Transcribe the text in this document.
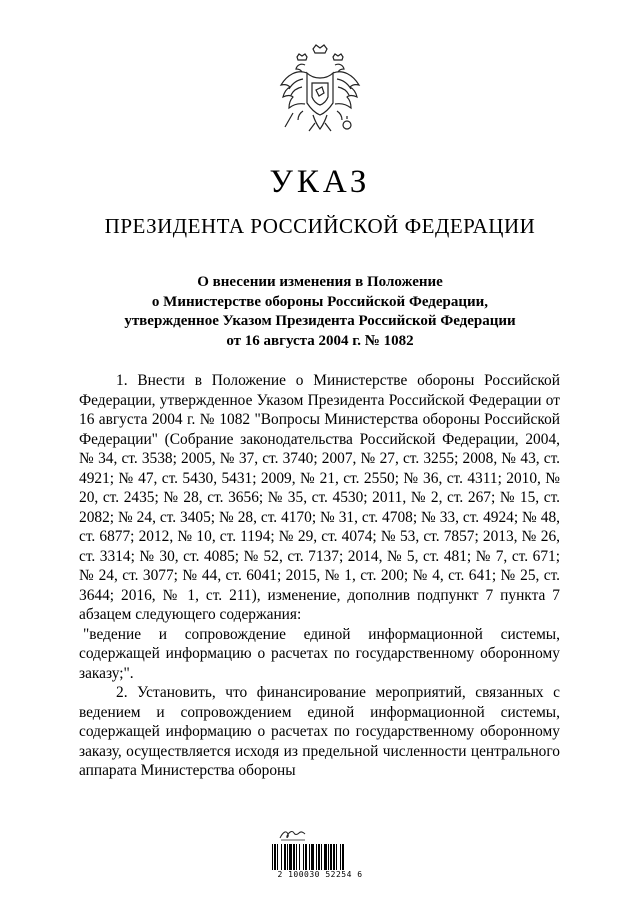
УКАЗ
ПРЕЗИДЕНТА РОССИЙСКОЙ ФЕДЕРАЦИИ
О внесении изменения в Положение
о Министерстве обороны Российской Федерации,
утвержденное Указом Президента Российской Федерации
от 16 августа 2004 г. № 1082

1. Внести в Положение о Министерстве обороны Российской Федерации, утвержденное Указом Президента Российской Федерации от 16 августа 2004 г. № 1082 "Вопросы Министерства обороны Российской Федерации" (Собрание законодательства Российской Федерации, 2004, № 34, ст. 3538; 2005, № 37, ст. 3740; 2007, № 27, ст. 3255; 2008, № 43, ст. 4921; № 47, ст. 5430, 5431; 2009, № 21, ст. 2550; № 36, ст. 4311; 2010, № 20, ст. 2435; № 28, ст. 3656; № 35, ст. 4530; 2011, № 2, ст. 267; № 15, ст. 2082; № 24, ст. 3405; № 28, ст. 4170; № 31, ст. 4708; № 33, ст. 4924; № 48, ст. 6877; 2012, № 10, ст. 1194; № 29, ст. 4074; № 53, ст. 7857; 2013, № 26, ст. 3314; № 30, ст. 4085; № 52, ст. 7137; 2014, № 5, ст. 481; № 7, ст. 671; № 24, ст. 3077; № 44, ст. 6041; 2015, № 1, ст. 200; № 4, ст. 641; № 25, ст. 3644; 2016, № 1, ст. 211), изменение, дополнив подпункт 7 пункта 7 абзацем следующего содержания:

"ведение и сопровождение единой информационной системы, содержащей информацию о расчетах по государственному оборонному заказу;".

2. Установить, что финансирование мероприятий, связанных с ведением и сопровождением единой информационной системы, содержащей информацию о расчетах по государственному оборонному заказу, осуществляется исходя из предельной численности центрального аппарата Министерства обороны

2 100030 52254 6
